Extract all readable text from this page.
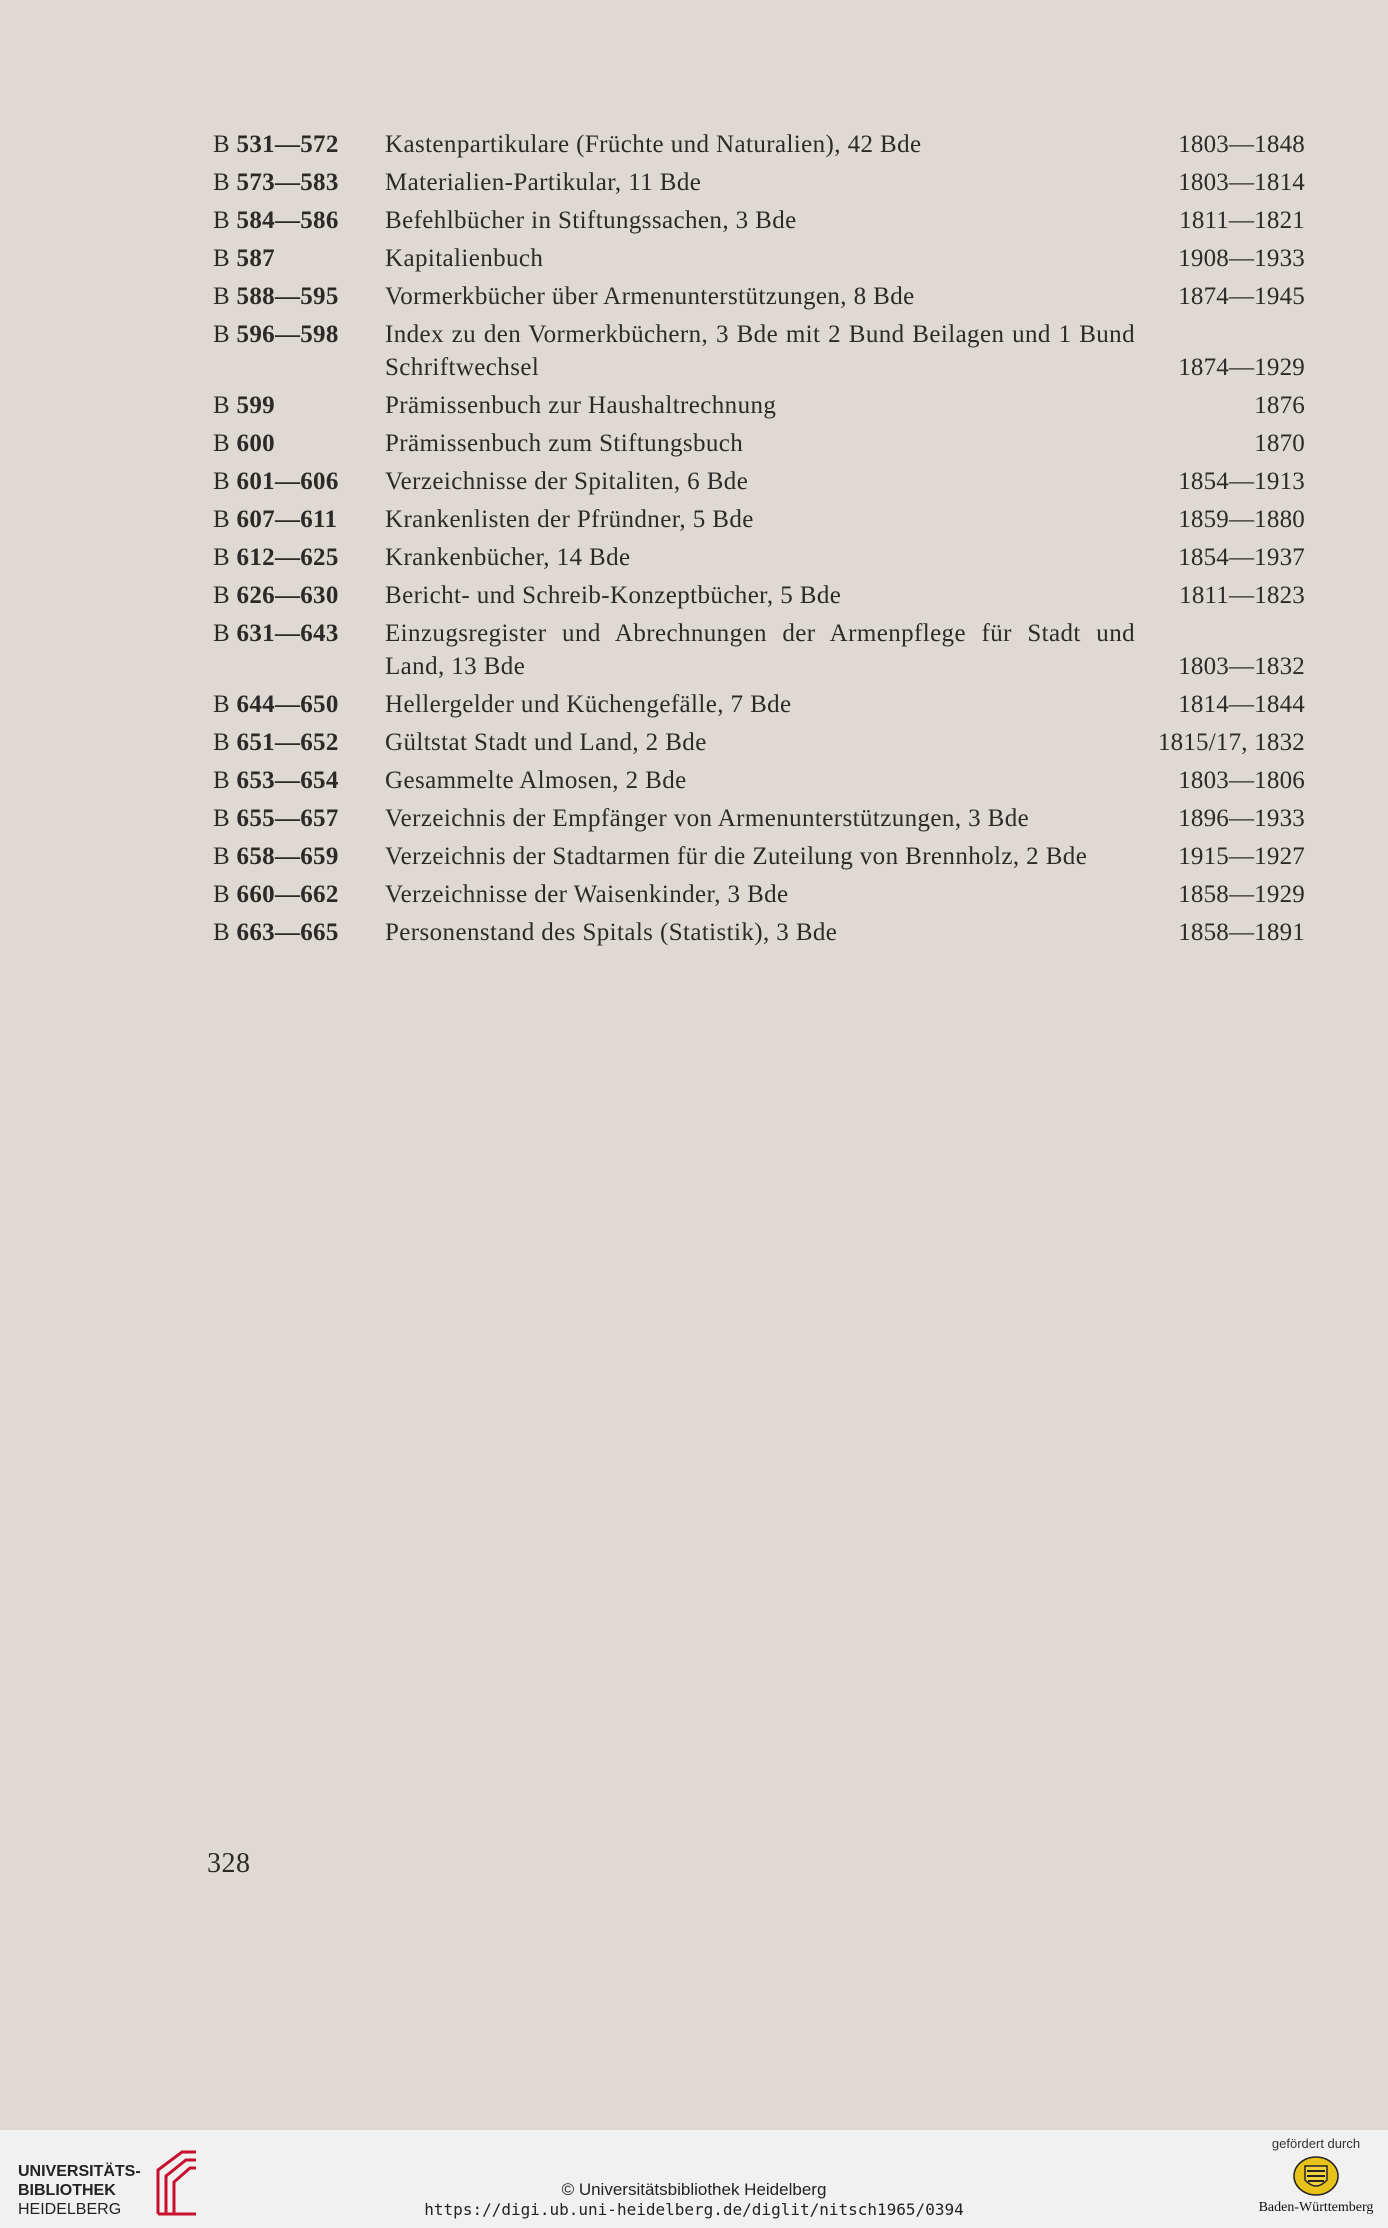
B 531—572	Kastenpartikulare (Früchte und Naturalien), 42 Bde	1803—1848
B 573—583	Materialien-Partikular, 11 Bde	1803—1814
B 584—586	Befehlbücher in Stiftungssachen, 3 Bde	1811—1821
B 587	Kapitalienbuch	1908—1933
B 588—595	Vormerkbücher über Armenunterstützungen, 8 Bde	1874—1945
B 596—598	Index zu den Vormerkbüchern, 3 Bde mit 2 Bund Beilagen und 1 Bund Schriftwechsel	1874—1929
B 599	Prämissenbuch zur Haushaltrechnung	1876
B 600	Prämissenbuch zum Stiftungsbuch	1870
B 601—606	Verzeichnisse der Spitaliten, 6 Bde	1854—1913
B 607—611	Krankenlisten der Pfründner, 5 Bde	1859—1880
B 612—625	Krankenbücher, 14 Bde	1854—1937
B 626—630	Bericht- und Schreib-Konzeptbücher, 5 Bde	1811—1823
B 631—643	Einzugsregister und Abrechnungen der Armenpflege für Stadt und Land, 13 Bde	1803—1832
B 644—650	Hellergelder und Küchengefälle, 7 Bde	1814—1844
B 651—652	Gültstat Stadt und Land, 2 Bde	1815/17, 1832
B 653—654	Gesammelte Almosen, 2 Bde	1803—1806
B 655—657	Verzeichnis der Empfänger von Armenunterstützungen, 3 Bde	1896—1933
B 658—659	Verzeichnis der Stadtarmen für die Zuteilung von Brennholz, 2 Bde	1915—1927
B 660—662	Verzeichnisse der Waisenkinder, 3 Bde	1858—1929
B 663—665	Personenstand des Spitals (Statistik), 3 Bde	1858—1891
328
UNIVERSITÄTS-
BIBLIOTHEK
HEIDELBERG
© Universitätsbibliothek Heidelberg
https://digi.ub.uni-heidelberg.de/diglit/nitsch1965/0394
gefördert durch
Baden-Württemberg
